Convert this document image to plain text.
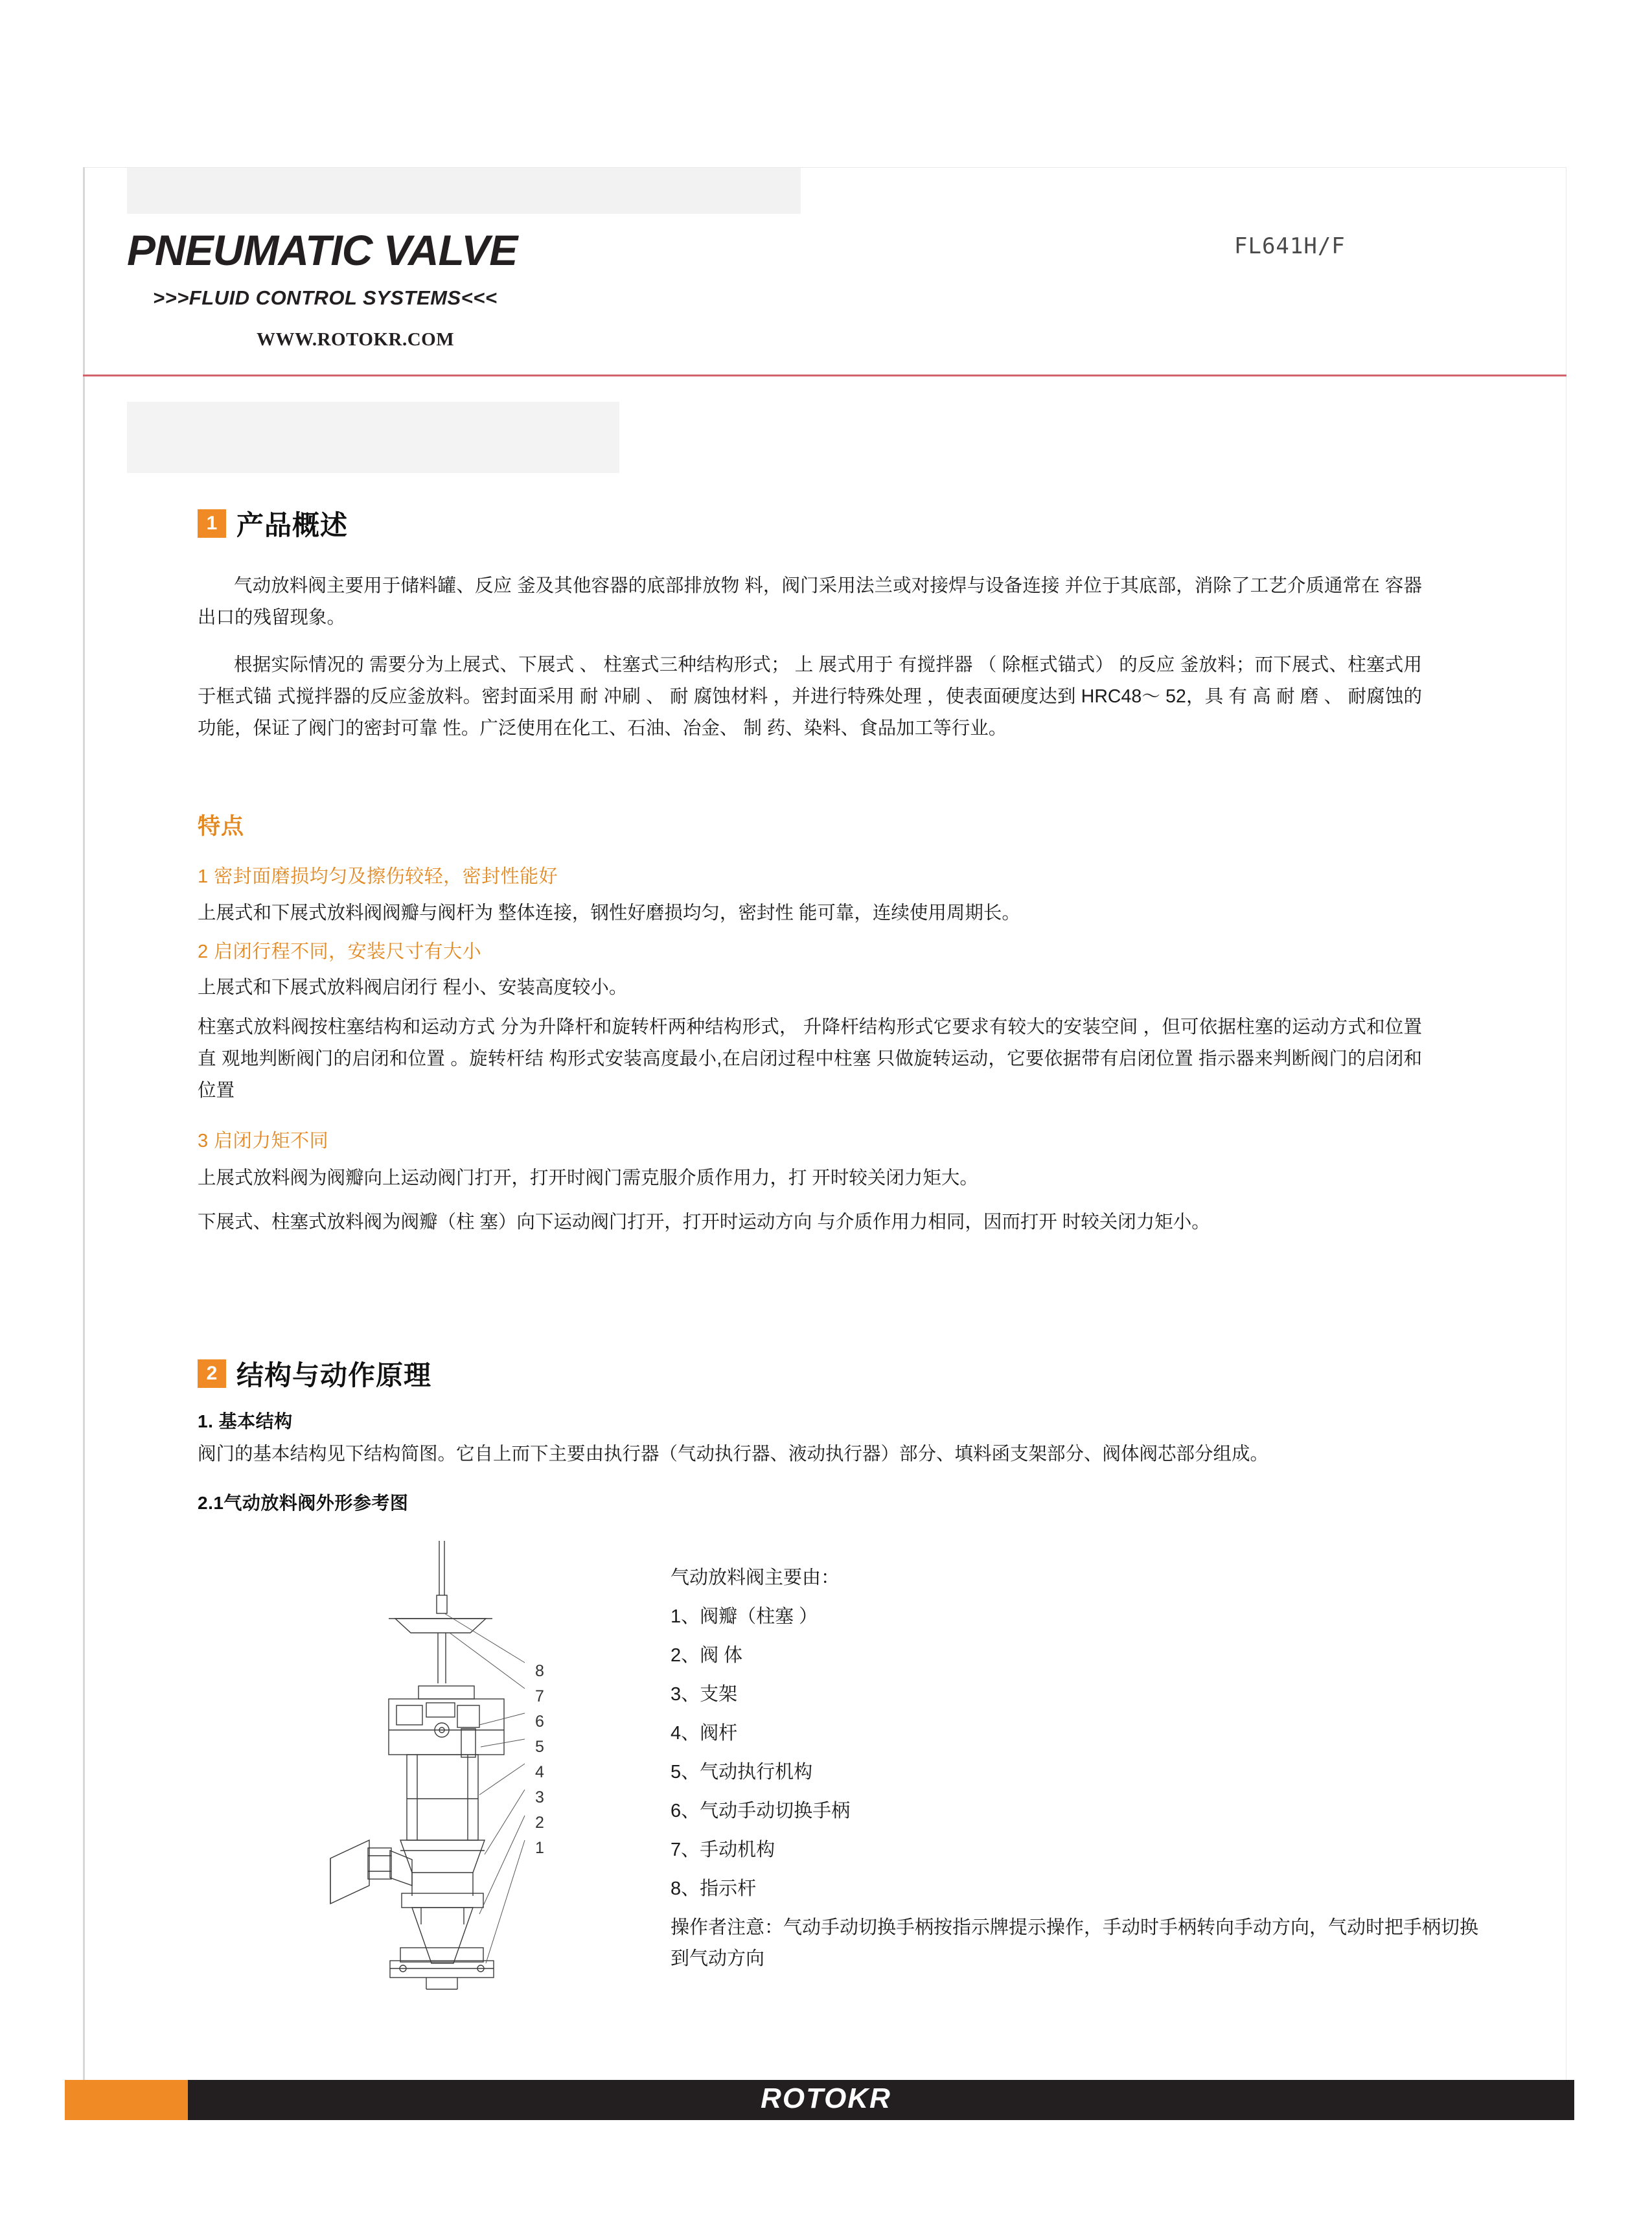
PNEUMATIC VALVE
>>>FLUID CONTROL SYSTEMS<<<
WWW.ROTOKR.COM
FL641H/F
1 产品概述
气动放料阀主要用于储料罐、反应 釜及其他容器的底部排放物 料，阀门采用法兰或对接焊与设备连接 并位于其底部，消除了工艺介质通常在 容器出口的残留现象。
根据实际情况的 需要分为上展式、下展式 、 柱塞式三种结构形式； 上 展式用于 有搅拌器 （ 除框式锚式） 的反应 釜放料；而下展式、柱塞式用于框式锚 式搅拌器的反应釜放料。密封面采用 耐 冲刷 、 耐 腐蚀材料 ，并进行特殊处理 ，使表面硬度达到 HRC48～ 52，具 有 高 耐 磨 、 耐腐蚀的功能，保证了阀门的密封可靠 性。广泛使用在化工、石油、冶金、 制 药、染料、食品加工等行业。
特点
1 密封面磨损均匀及擦伤较轻，密封性能好
上展式和下展式放料阀阀瓣与阀杆为 整体连接，钢性好磨损均匀，密封性 能可靠，连续使用周期长。
2 启闭行程不同，安装尺寸有大小
上展式和下展式放料阀启闭行 程小、安装高度较小。
柱塞式放料阀按柱塞结构和运动方式 分为升降杆和旋转杆两种结构形式， 升降杆结构形式它要求有较大的安装空间 ，但可依据柱塞的运动方式和位置直 观地判断阀门的启闭和位置 。旋转杆结 构形式安装高度最小,在启闭过程中柱塞 只做旋转运动，它要依据带有启闭位置 指示器来判断阀门的启闭和位置
3 启闭力矩不同
上展式放料阀为阀瓣向上运动阀门打开，打开时阀门需克服介质作用力，打 开时较关闭力矩大。
下展式、柱塞式放料阀为阀瓣（柱 塞）向下运动阀门打开，打开时运动方向 与介质作用力相同，因而打开 时较关闭力矩小。
2 结构与动作原理
1. 基本结构
阀门的基本结构见下结构简图。它自上而下主要由执行器（气动执行器、液动执行器）部分、填料函支架部分、阀体阀芯部分组成。
2.1气动放料阀外形参考图
8
7
6
5
4
3
2
1
气动放料阀主要由：
1、阀瓣（柱塞 ）
2、阀 体
3、支架
4、阀杆
5、气动执行机构
6、气动手动切换手柄
7、手动机构
8、指示杆
操作者注意：气动手动切换手柄按指示牌提示操作，手动时手柄转向手动方向，气动时把手柄切换到气动方向
ROTOKR
